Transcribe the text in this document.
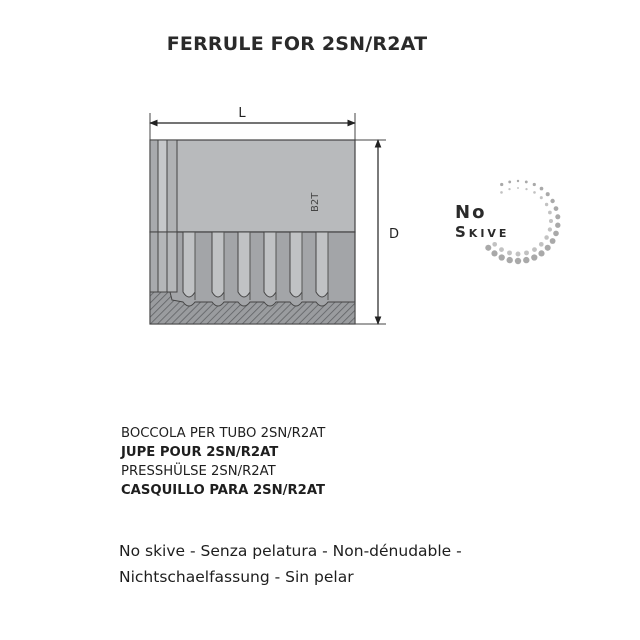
FERRULE FOR 2SN/R2AT
L
D
B2T	No
Skive
BOCCOLA PER TUBO 2SN/R2AT
JUPE POUR 2SN/R2AT
PRESSHÜLSE 2SN/R2AT
CASQUILLO PARA 2SN/R2AT
No skive - Senza pelatura - Non-dénudable -
Nichtschaelfassung - Sin pelar
